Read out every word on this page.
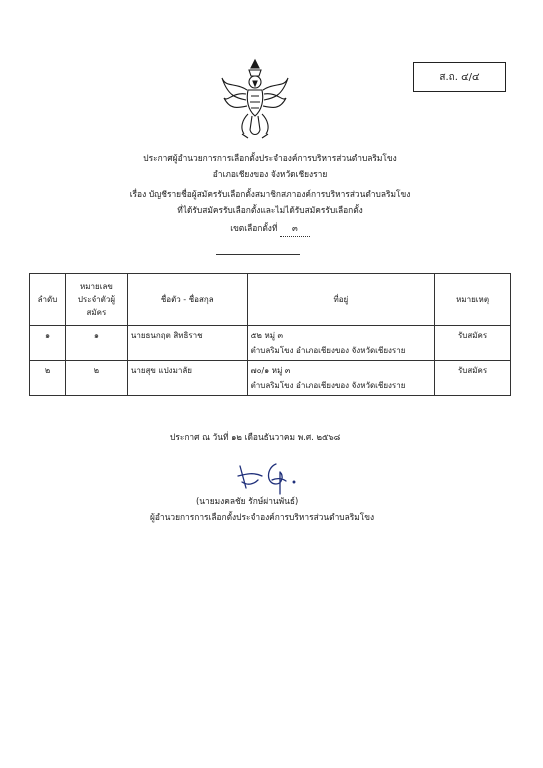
ส.ถ. ๔/๔
ประกาศผู้อำนวยการการเลือกตั้งประจำองค์การบริหารส่วนตำบลริมโขง
อำเภอเชียงของ จังหวัดเชียงราย
เรื่อง บัญชีรายชื่อผู้สมัครรับเลือกตั้งสมาชิกสภาองค์การบริหารส่วนตำบลริมโขง
ที่ได้รับสมัครรับเลือกตั้งและไม่ได้รับสมัครรับเลือกตั้ง
เขตเลือกตั้งที่ ๓
ลำดับ	หมายเลขประจำตัวผู้สมัคร	ชื่อตัว - ชื่อสกุล	ที่อยู่	หมายเหตุ
๑	๑	นายธนกฤต สิทธิราช	๕๒ หมู่ ๓
ตำบลริมโขง อำเภอเชียงของ จังหวัดเชียงราย	รับสมัคร
๒	๒	นายสุข แปงมาลัย	๗๐/๑ หมู่ ๓
ตำบลริมโขง อำเภอเชียงของ จังหวัดเชียงราย	รับสมัคร
ประกาศ ณ วันที่ ๑๒ เดือนธันวาคม พ.ศ. ๒๕๖๘
(นายมงคลชัย รักษ์ผ่านพันธ์)
ผู้อำนวยการการเลือกตั้งประจำองค์การบริหารส่วนตำบลริมโขง
